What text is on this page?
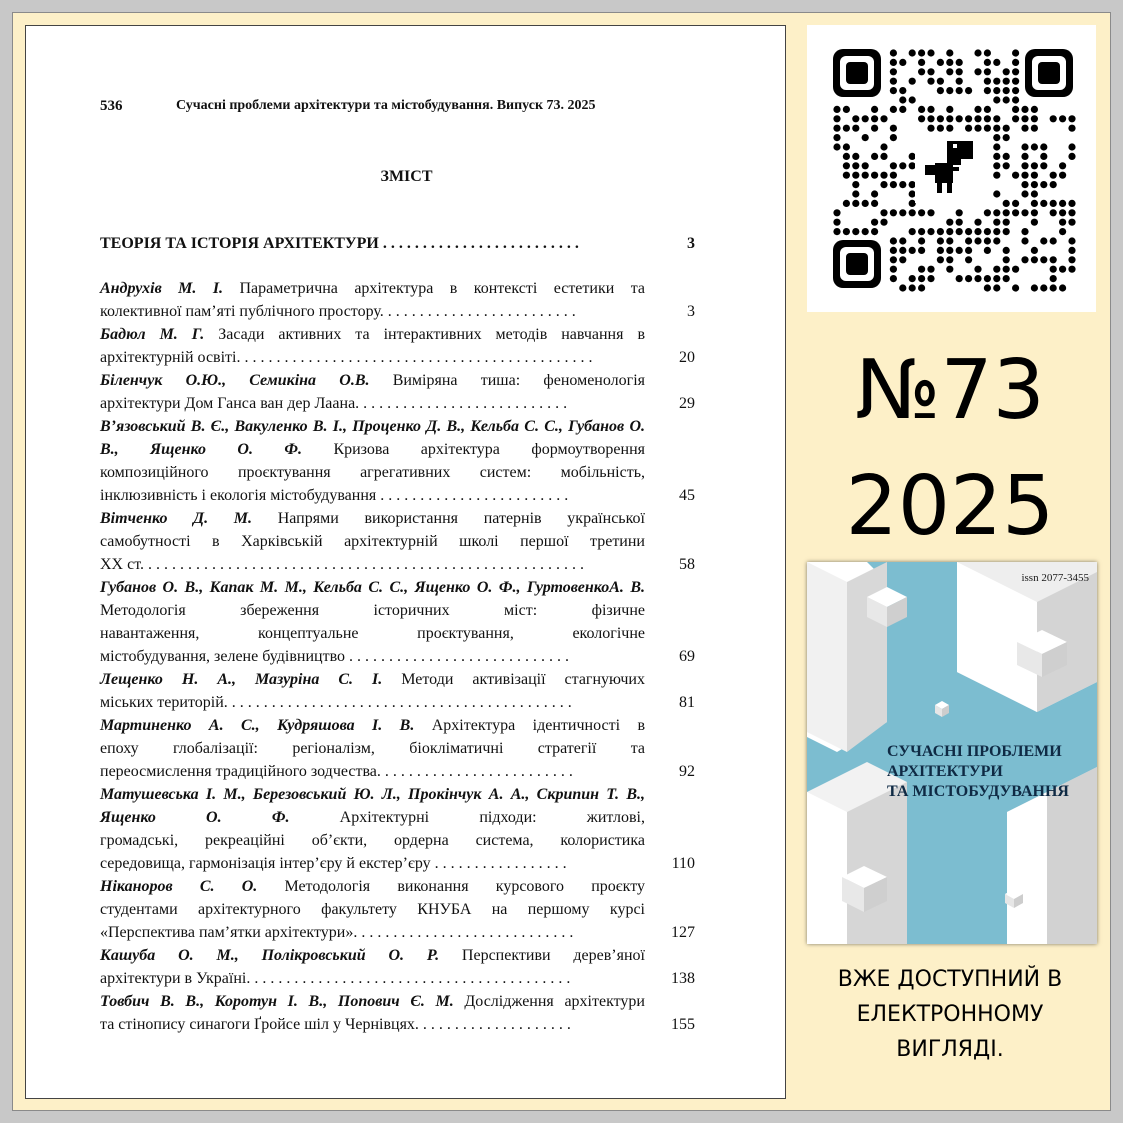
536	Сучасні проблеми архітектури та містобудування. Випуск 73. 2025
ЗМІСТ
ТЕОРІЯ ТА ІСТОРІЯ АРХІТЕКТУРИ . . . . . . . . . . . . . . . . . . . . . . . . .	3
Андрухів М. І. Параметрична архітектура в контексті естетики та
колективної пам’яті публічного простору. . . . . . . . . . . . . . . . . . . . . . . . .	3
Бадюл М. Г. Засади активних та інтерактивних методів навчання в
архітектурній освіті. . . . . . . . . . . . . . . . . . . . . . . . . . . . . . . . . . . . . . . . . . . . .	20
Біленчук О.Ю., Семикіна О.В. Виміряна тиша: феноменологія
архітектури Дом Ганса ван дер Лаана. . . . . . . . . . . . . . . . . . . . . . . . . . .	29
В’язовський В. Є., Вакуленко В. І., Проценко Д. В., Кельба С. С., Губанов О. В., Ященко О. Ф. Кризова архітектура формоутворення
композиційного проєктування агрегативних систем: мобільність,
інклюзивність і екологія містобудування . . . . . . . . . . . . . . . . . . . . . . . .	45
Вітченко Д. М. Напрями використання патернів української
самобутності в Харківській архітектурній школі першої третини
XX ст. . . . . . . . . . . . . . . . . . . . . . . . . . . . . . . . . . . . . . . . . . . . . . . . . . . . . . . .	58
Губанов О. В., Капак М. М., Кельба С. С., Ященко О. Ф., ГуртовенкоА. В. Методологія збереження історичних міст: фізичне
навантаження, концептуальне проєктування, екологічне
містобудування, зелене будівництво . . . . . . . . . . . . . . . . . . . . . . . . . . . .	69
Лещенко Н. А., Мазуріна С. І. Методи активізації стагнуючих
міських територій. . . . . . . . . . . . . . . . . . . . . . . . . . . . . . . . . . . . . . . . . . . .	81
Мартиненко А. С., Кудряшова І. В. Архітектура ідентичності в
епоху глобалізації: регіоналізм, біокліматичні стратегії та
переосмислення традиційного зодчества. . . . . . . . . . . . . . . . . . . . . . . . .	92
Матушевська І. М., Березовський Ю. Л., Прокінчук А. А., Скрипин Т. В., Ященко О. Ф. Архітектурні підходи: житлові,
громадські, рекреаційні об’єкти, ордерна система, колористика
середовища, гармонізація інтер’єру й екстер’єру . . . . . . . . . . . . . . . . .	110
Ніканоров С. О. Методологія виконання курсового проєкту
студентами архітектурного факультету КНУБА на першому курсі
«Перспектива пам’ятки архітектури». . . . . . . . . . . . . . . . . . . . . . . . . . . .	127
Кашуба О. М., Полікровський О. Р. Перспективи дерев’яної
архітектури в Україні. . . . . . . . . . . . . . . . . . . . . . . . . . . . . . . . . . . . . . . . .	138
Товбич В. В., Коротун І. В., Попович Є. М. Дослідження архітектури
та стінопису синагоги Ґройсе шіл у Чернівцях. . . . . . . . . . . . . . . . . . . .	155
№73
2025
issn 2077-3455
СУЧАСНІ ПРОБЛЕМИ
АРХІТЕКТУРИ
ТА МІСТОБУДУВАННЯ
ВЖЕ ДОСТУПНИЙ В
ЕЛЕКТРОННОМУ
ВИГЛЯДІ.
